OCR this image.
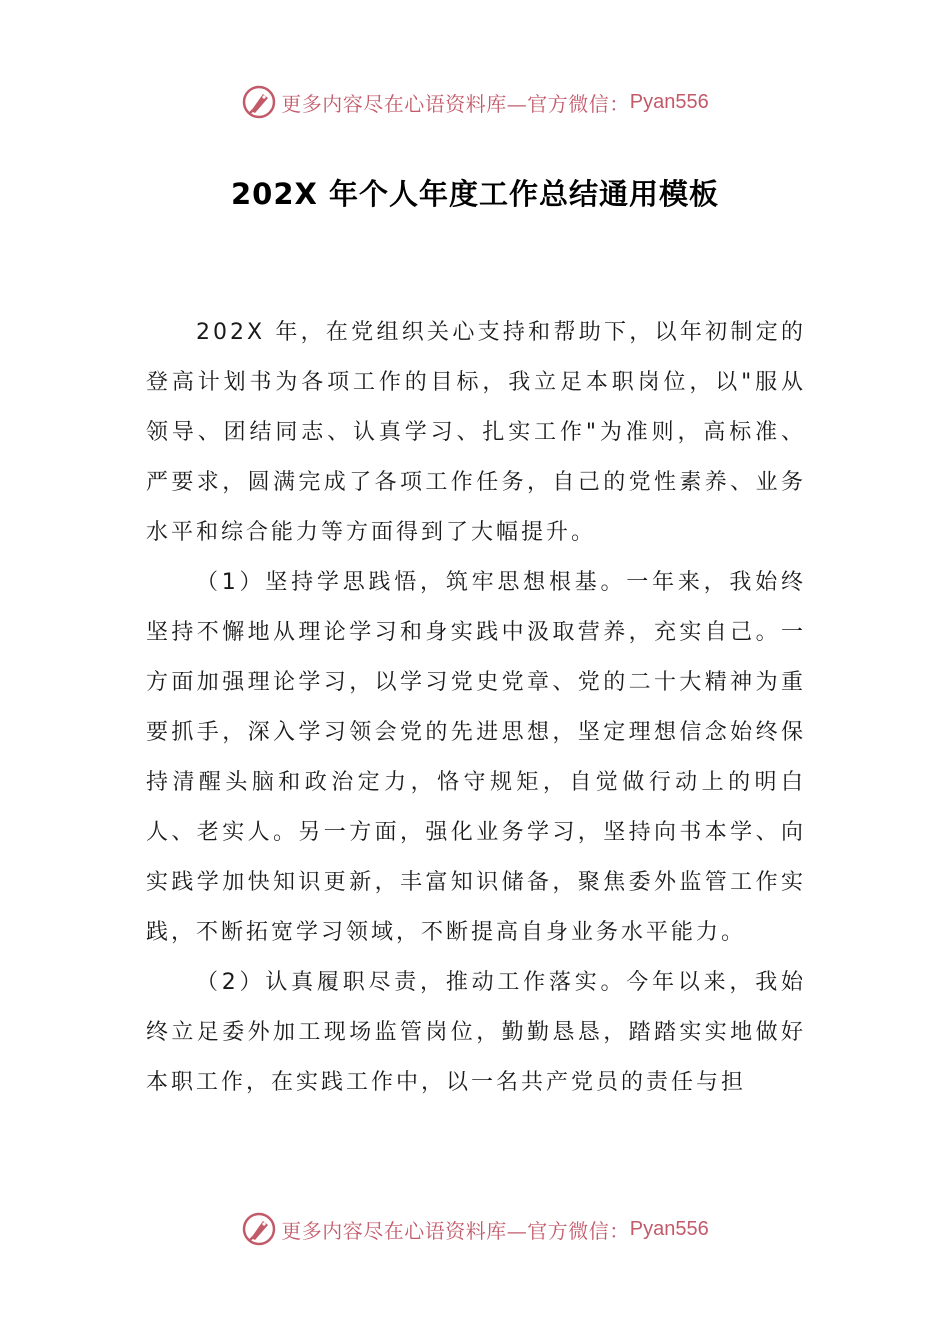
更多内容尽在心语资料库—官方微信： Pyan556
202X 年个人年度工作总结通用模板

202X 年，在党组织关心支持和帮助下，以年初制定的登高计划书为各项工作的目标，我立足本职岗位，以"服从领导、团结同志、认真学习、扎实工作"为准则，高标准、严要求，圆满完成了各项工作任务，自己的党性素养、业务水平和综合能力等方面得到了大幅提升。

（1）坚持学思践悟，筑牢思想根基。一年来，我始终坚持不懈地从理论学习和身实践中汲取营养，充实自己。一方面加强理论学习，以学习党史党章、党的二十大精神为重要抓手，深入学习领会党的先进思想，坚定理想信念始终保持清醒头脑和政治定力，恪守规矩，自觉做行动上的明白人、老实人。另一方面，强化业务学习，坚持向书本学、向实践学加快知识更新，丰富知识储备，聚焦委外监管工作实践，不断拓宽学习领域，不断提高自身业务水平能力。

（2）认真履职尽责，推动工作落实。今年以来，我始终立足委外加工现场监管岗位，勤勤恳恳，踏踏实实地做好本职工作，在实践工作中，以一名共产党员的责任与担

更多内容尽在心语资料库—官方微信： Pyan556
